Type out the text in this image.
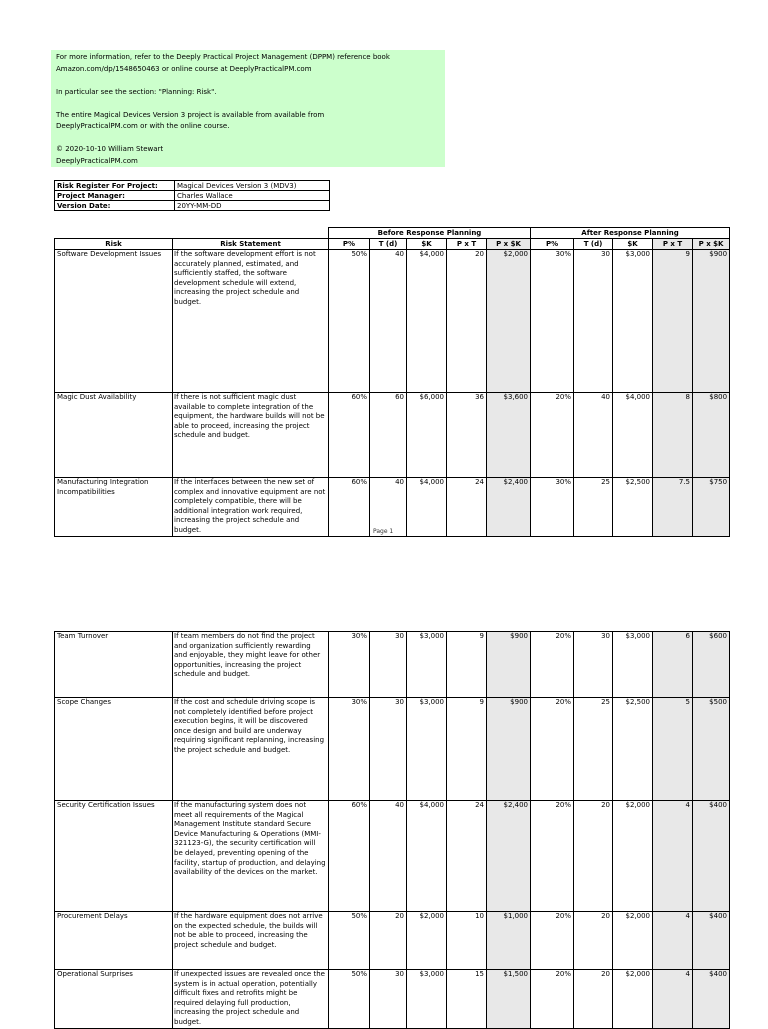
For more information, refer to the Deeply Practical Project Management (DPPM) reference book

Amazon.com/dp/1548650463 or online course at DeeplyPracticalPM.com

In particular see the section: "Planning: Risk".

The entire Magical Devices Version 3 project is available from available from

DeeplyPracticalPM.com or with the online course.

© 2020-10-10 William Stewart

DeeplyPracticalPM.com

Risk Register For Project:	Magical Devices Version 3 (MDV3)
Project Manager:	Charles Wallace
Version Date:	20YY-MM-DD
		Before Response Planning					After Response Planning				
Risk	Risk Statement	P%	T (d)	$K	P x T	P x $K	P%	T (d)	$K	P x T	P x $K
Software Development Issues	If the software development effort is not accurately planned, estimated, and sufficiently staffed, the software development schedule will extend, increasing the project schedule and budget.	50%	40	$4,000	20	$2,000	30%	30	$3,000	9	$900
Magic Dust Availability	If there is not sufficient magic dust available to complete integration of the equipment, the hardware builds will not be able to proceed, increasing the project schedule and budget.	60%	60	$6,000	36	$3,600	20%	40	$4,000	8	$800
Manufacturing Integration Incompatibilities	If the interfaces between the new set of complex and innovative equipment are not completely compatible, there will be additional integration work required, increasing the project schedule and budget.	60%	40	$4,000	24	$2,400	30%	25	$2,500	7.5	$750
Page 1
Team Turnover	If team members do not find the project and organization sufficiently rewarding and enjoyable, they might leave for other opportunities, increasing the project schedule and budget.	30%	30	$3,000	9	$900	20%	30	$3,000	6	$600
Scope Changes	If the cost and schedule driving scope is not completely identified before project execution begins, it will be discovered once design and build are underway requiring significant replanning, increasing the project schedule and budget.	30%	30	$3,000	9	$900	20%	25	$2,500	5	$500
Security Certification Issues	If the manufacturing system does not meet all requirements of the Magical Management Institute standard Secure Device Manufacturing & Operations (MMI-321123-G), the security certification will be delayed, preventing opening of the facility, startup of production, and delaying availability of the devices on the market.	60%	40	$4,000	24	$2,400	20%	20	$2,000	4	$400
Procurement Delays	If the hardware equipment does not arrive on the expected schedule, the builds will not be able to proceed, increasing the project schedule and budget.	50%	20	$2,000	10	$1,000	20%	20	$2,000	4	$400
Operational Surprises	If unexpected issues are revealed once the system is in actual operation, potentially difficult fixes and retrofits might be required delaying full production, increasing the project schedule and budget.	50%	30	$3,000	15	$1,500	20%	20	$2,000	4	$400
